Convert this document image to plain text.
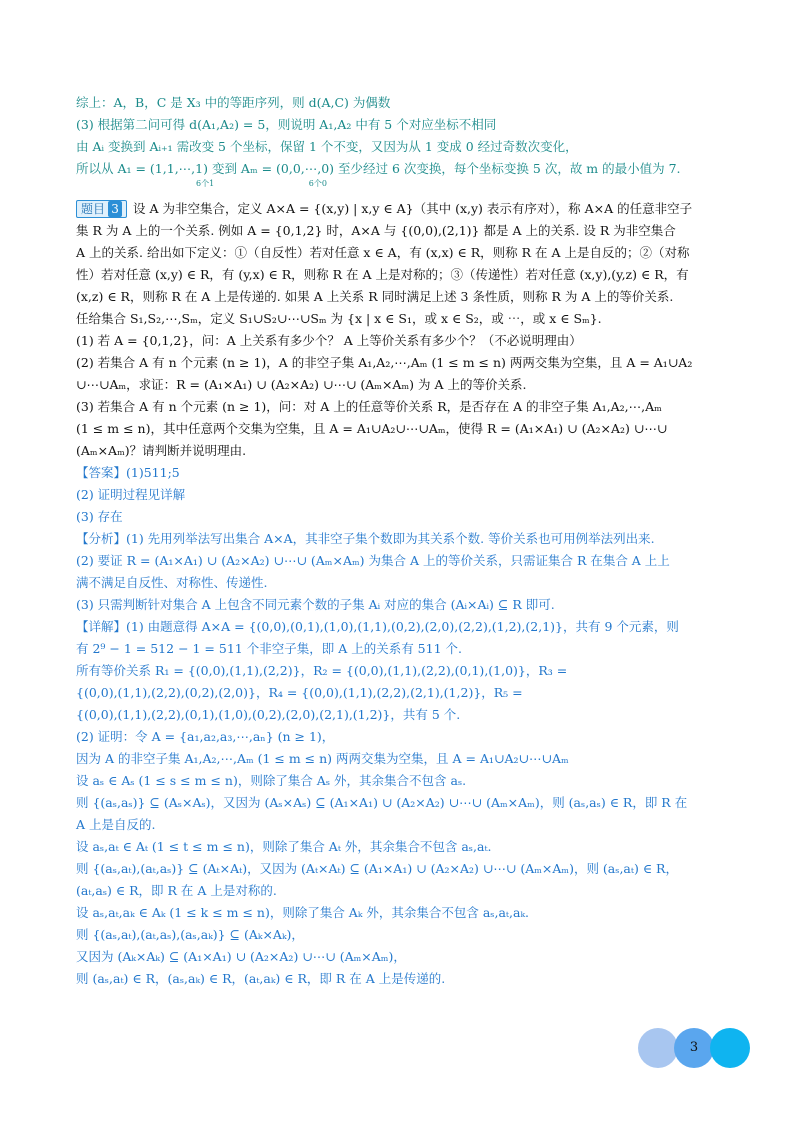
综上：A，B，C 是 X₃ 中的等距序列，则 d(A,C) 为偶数
(3) 根据第二问可得 d(A₁,A₂) = 5，则说明 A₁,A₂ 中有 5 个对应坐标不相同
由 Aᵢ 变换到 Aᵢ₊₁ 需改变 5 个坐标，保留 1 个不变，又因为从 1 变成 0 经过奇数次变化，
所以从 A₁ = (1,1,⋯,1) 变到 Aₘ = (0,0,⋯,0) 至少经过 6 次变换，每个坐标变换 5 次，故 m 的最小值为 7.
6个1	6个0
题目 3 设 A 为非空集合，定义 A×A = {(x,y) | x,y ∈ A}（其中 (x,y) 表示有序对），称 A×A 的任意非空子
集 R 为 A 上的一个关系. 例如 A = {0,1,2} 时，A×A 与 {(0,0),(2,1)} 都是 A 上的关系. 设 R 为非空集合
A 上的关系. 给出如下定义：①（自反性）若对任意 x ∈ A，有 (x,x) ∈ R，则称 R 在 A 上是自反的；②（对称
性）若对任意 (x,y) ∈ R，有 (y,x) ∈ R，则称 R 在 A 上是对称的；③（传递性）若对任意 (x,y),(y,z) ∈ R，有
(x,z) ∈ R，则称 R 在 A 上是传递的. 如果 A 上关系 R 同时满足上述 3 条性质，则称 R 为 A 上的等价关系.
任给集合 S₁,S₂,⋯,Sₘ，定义 S₁∪S₂∪⋯∪Sₘ 为 {x | x ∈ S₁，或 x ∈ S₂，或 ⋯，或 x ∈ Sₘ}.
(1) 若 A = {0,1,2}，问：A 上关系有多少个？ A 上等价关系有多少个？（不必说明理由）
(2) 若集合 A 有 n 个元素 (n ≥ 1)，A 的非空子集 A₁,A₂,⋯,Aₘ (1 ≤ m ≤ n) 两两交集为空集，且 A = A₁∪A₂
∪⋯∪Aₘ，求证：R = (A₁×A₁) ∪ (A₂×A₂) ∪⋯∪ (Aₘ×Aₘ) 为 A 上的等价关系.
(3) 若集合 A 有 n 个元素 (n ≥ 1)，问：对 A 上的任意等价关系 R，是否存在 A 的非空子集 A₁,A₂,⋯,Aₘ
(1 ≤ m ≤ n)，其中任意两个交集为空集，且 A = A₁∪A₂∪⋯∪Aₘ，使得 R = (A₁×A₁) ∪ (A₂×A₂) ∪⋯∪
(Aₘ×Aₘ)？请判断并说明理由.
【答案】(1)511;5
(2) 证明过程见详解
(3) 存在
【分析】(1) 先用列举法写出集合 A×A，其非空子集个数即为其关系个数. 等价关系也可用例举法列出来.
(2) 要证 R = (A₁×A₁) ∪ (A₂×A₂) ∪⋯∪ (Aₘ×Aₘ) 为集合 A 上的等价关系，只需证集合 R 在集合 A 上上
满不满足自反性、对称性、传递性.
(3) 只需判断针对集合 A 上包含不同元素个数的子集 Aᵢ 对应的集合 (Aᵢ×Aᵢ) ⊆ R 即可.
【详解】(1) 由题意得 A×A = {(0,0),(0,1),(1,0),(1,1),(0,2),(2,0),(2,2),(1,2),(2,1)}，共有 9 个元素，则
有 2⁹ − 1 = 512 − 1 = 511 个非空子集，即 A 上的关系有 511 个.
所有等价关系 R₁ = {(0,0),(1,1),(2,2)}，R₂ = {(0,0),(1,1),(2,2),(0,1),(1,0)}，R₃ =
{(0,0),(1,1),(2,2),(0,2),(2,0)}，R₄ = {(0,0),(1,1),(2,2),(2,1),(1,2)}，R₅ =
{(0,0),(1,1),(2,2),(0,1),(1,0),(0,2),(2,0),(2,1),(1,2)}，共有 5 个.
(2) 证明：令 A = {a₁,a₂,a₃,⋯,aₙ} (n ≥ 1)，
因为 A 的非空子集 A₁,A₂,⋯,Aₘ (1 ≤ m ≤ n) 两两交集为空集，且 A = A₁∪A₂∪⋯∪Aₘ
设 aₛ ∈ Aₛ (1 ≤ s ≤ m ≤ n)，则除了集合 Aₛ 外，其余集合不包含 aₛ.
则 {(aₛ,aₛ)} ⊆ (Aₛ×Aₛ)，又因为 (Aₛ×Aₛ) ⊆ (A₁×A₁) ∪ (A₂×A₂) ∪⋯∪ (Aₘ×Aₘ)，则 (aₛ,aₛ) ∈ R，即 R 在
A 上是自反的.
设 aₛ,aₜ ∈ Aₜ (1 ≤ t ≤ m ≤ n)，则除了集合 Aₜ 外，其余集合不包含 aₛ,aₜ.
则 {(aₛ,aₜ),(aₜ,aₛ)} ⊆ (Aₜ×Aₜ)，又因为 (Aₜ×Aₜ) ⊆ (A₁×A₁) ∪ (A₂×A₂) ∪⋯∪ (Aₘ×Aₘ)，则 (aₛ,aₜ) ∈ R，
(aₜ,aₛ) ∈ R，即 R 在 A 上是对称的.
设 aₛ,aₜ,aₖ ∈ Aₖ (1 ≤ k ≤ m ≤ n)，则除了集合 Aₖ 外，其余集合不包含 aₛ,aₜ,aₖ.
则 {(aₛ,aₜ),(aₜ,aₛ),(aₛ,aₖ)} ⊆ (Aₖ×Aₖ)，
又因为 (Aₖ×Aₖ) ⊆ (A₁×A₁) ∪ (A₂×A₂) ∪⋯∪ (Aₘ×Aₘ)，
则 (aₛ,aₜ) ∈ R，(aₛ,aₖ) ∈ R，(aₜ,aₖ) ∈ R，即 R 在 A 上是传递的.
3
